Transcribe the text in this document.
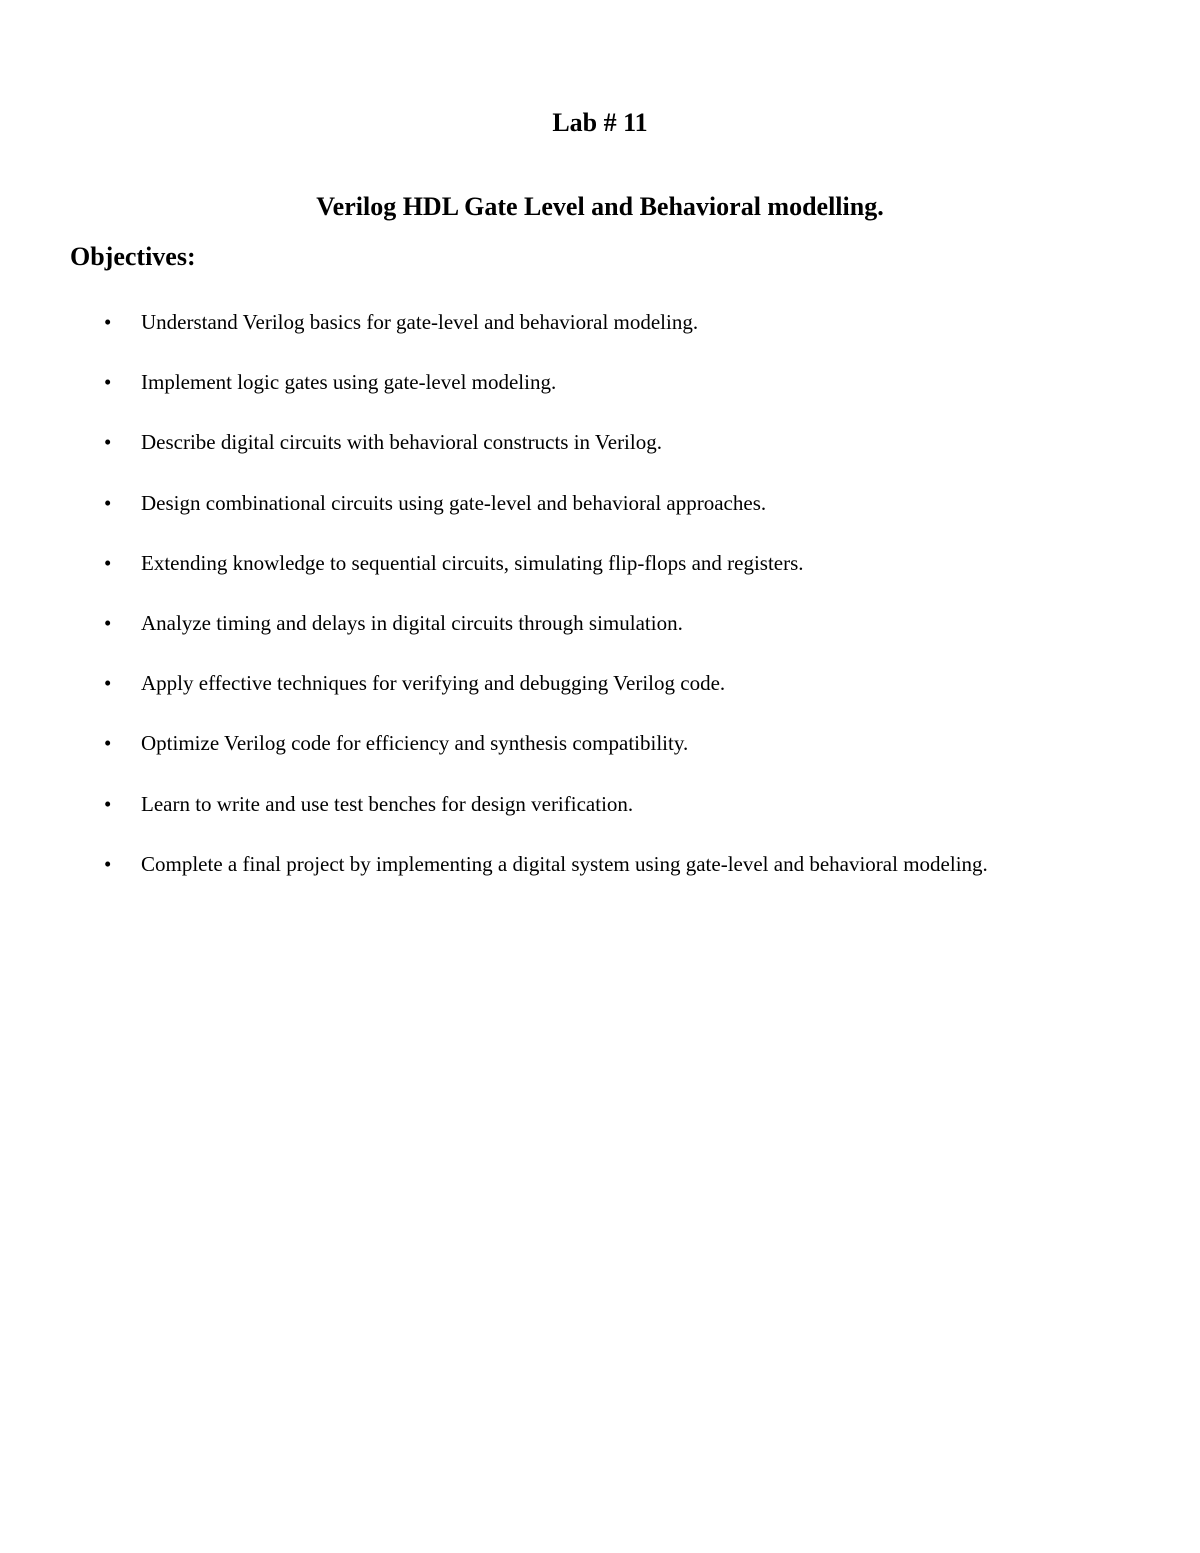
Lab # 11
Verilog HDL Gate Level and Behavioral modelling.
Objectives:
• Understand Verilog basics for gate-level and behavioral modeling.
• Implement logic gates using gate-level modeling.
• Describe digital circuits with behavioral constructs in Verilog.
• Design combinational circuits using gate-level and behavioral approaches.
• Extending knowledge to sequential circuits, simulating flip-flops and registers.
• Analyze timing and delays in digital circuits through simulation.
• Apply effective techniques for verifying and debugging Verilog code.
• Optimize Verilog code for efficiency and synthesis compatibility.
• Learn to write and use test benches for design verification.
• Complete a final project by implementing a digital system using gate-level and behavioral modeling.
